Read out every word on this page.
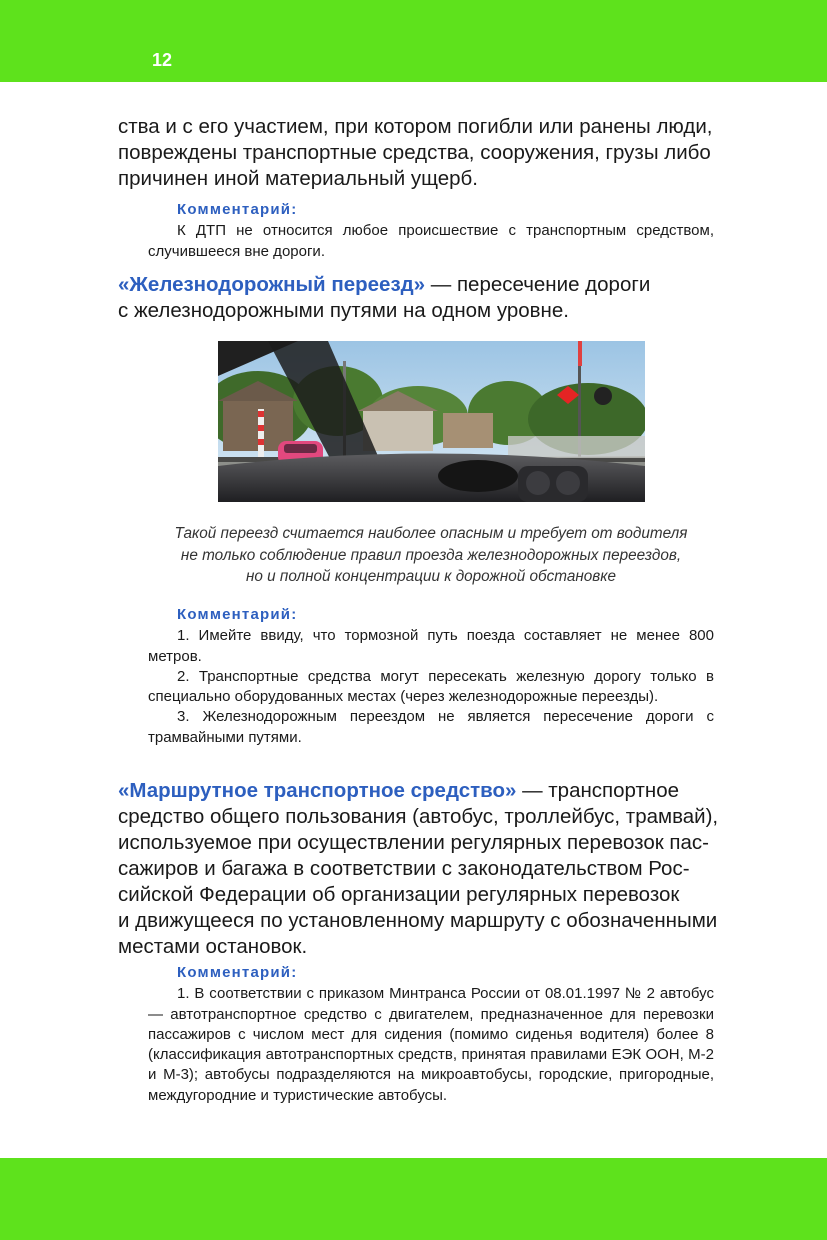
12

ства и с его участием, при котором погибли или ранены люди,

повреждены транспортные средства, сооружения, грузы либо

причинен иной материальный ущерб.

Комментарий:

К ДТП не относится любое происшествие с транспортным средством, случившееся вне дороги.

«Железнодорожный переезд» — пересечение дороги

с железнодорожными путями на одном уровне.

Такой переезд считается наиболее опасным и требует от водителя
не только соблюдение правил проезда железнодорожных переездов,
но и полной концентрации к дорожной обстановке
Комментарий:

1. Имейте ввиду, что тормозной путь поезда составляет не менее 800 метров.

2. Транспортные средства могут пересекать железную дорогу только в специально оборудованных местах (через железнодорожные переезды).

3. Железнодорожным переездом не является пересечение дороги с трамвайными путями.

«Маршрутное транспортное средство» — транспортное

средство общего пользования (автобус, троллейбус, трамвай),

используемое при осуществлении регулярных перевозок пас-

сажиров и багажа в соответствии с законодательством Рос-

сийской Федерации об организации регулярных перевозок

и движущееся по установленному маршруту с обозначенными

местами остановок.

Комментарий:

1. В соответствии с приказом Минтранса России от 08.01.1997 № 2 автобус — автотранспортное средство с двигателем, предназначенное для перевозки пассажиров с числом мест для сидения (помимо сиденья водителя) более 8 (классификация автотранспортных средств, принятая правилами ЕЭК ООН, М-2 и М-3); автобусы подразделяются на микроавтобусы, городские, пригородные, междугородние и туристические автобусы.
